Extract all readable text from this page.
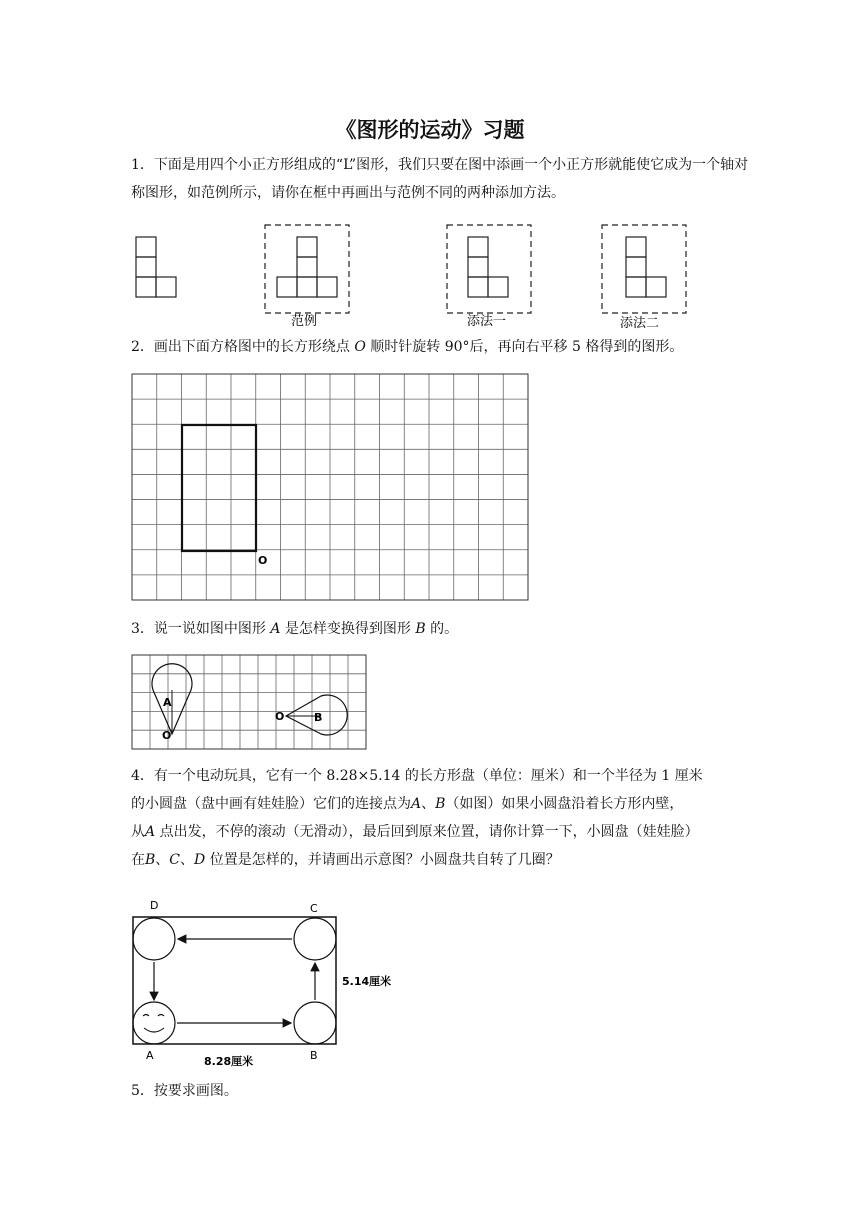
《图形的运动》习题
1．下面是用四个小正方形组成的“L”图形，我们只要在图中添画一个小正方形就能使它成为一个轴对称图形，如范例所示，请你在框中再画出与范例不同的两种添加方法。
范例	添法一	添法二
2．画出下面方格图中的长方形绕点 O 顺时针旋转 90°后，再向右平移 5 格得到的图形。
O
3．说一说如图中图形 A 是怎样变换得到图形 B 的。
A
O
O	B
4．有一个电动玩具，它有一个 8.28×5.14 的长方形盘（单位：厘米）和一个半径为 1 厘米
的小圆盘（盘中画有娃娃脸）它们的连接点为A、B（如图）如果小圆盘沿着长方形内壁，
从A 点出发，不停的滚动（无滑动），最后回到原来位置，请你计算一下，小圆盘（娃娃脸）
在B、C、D 位置是怎样的，并请画出示意图？小圆盘共自转了几圈？
D	C
A	B
5.14厘米
8.28厘米
5．按要求画图。
